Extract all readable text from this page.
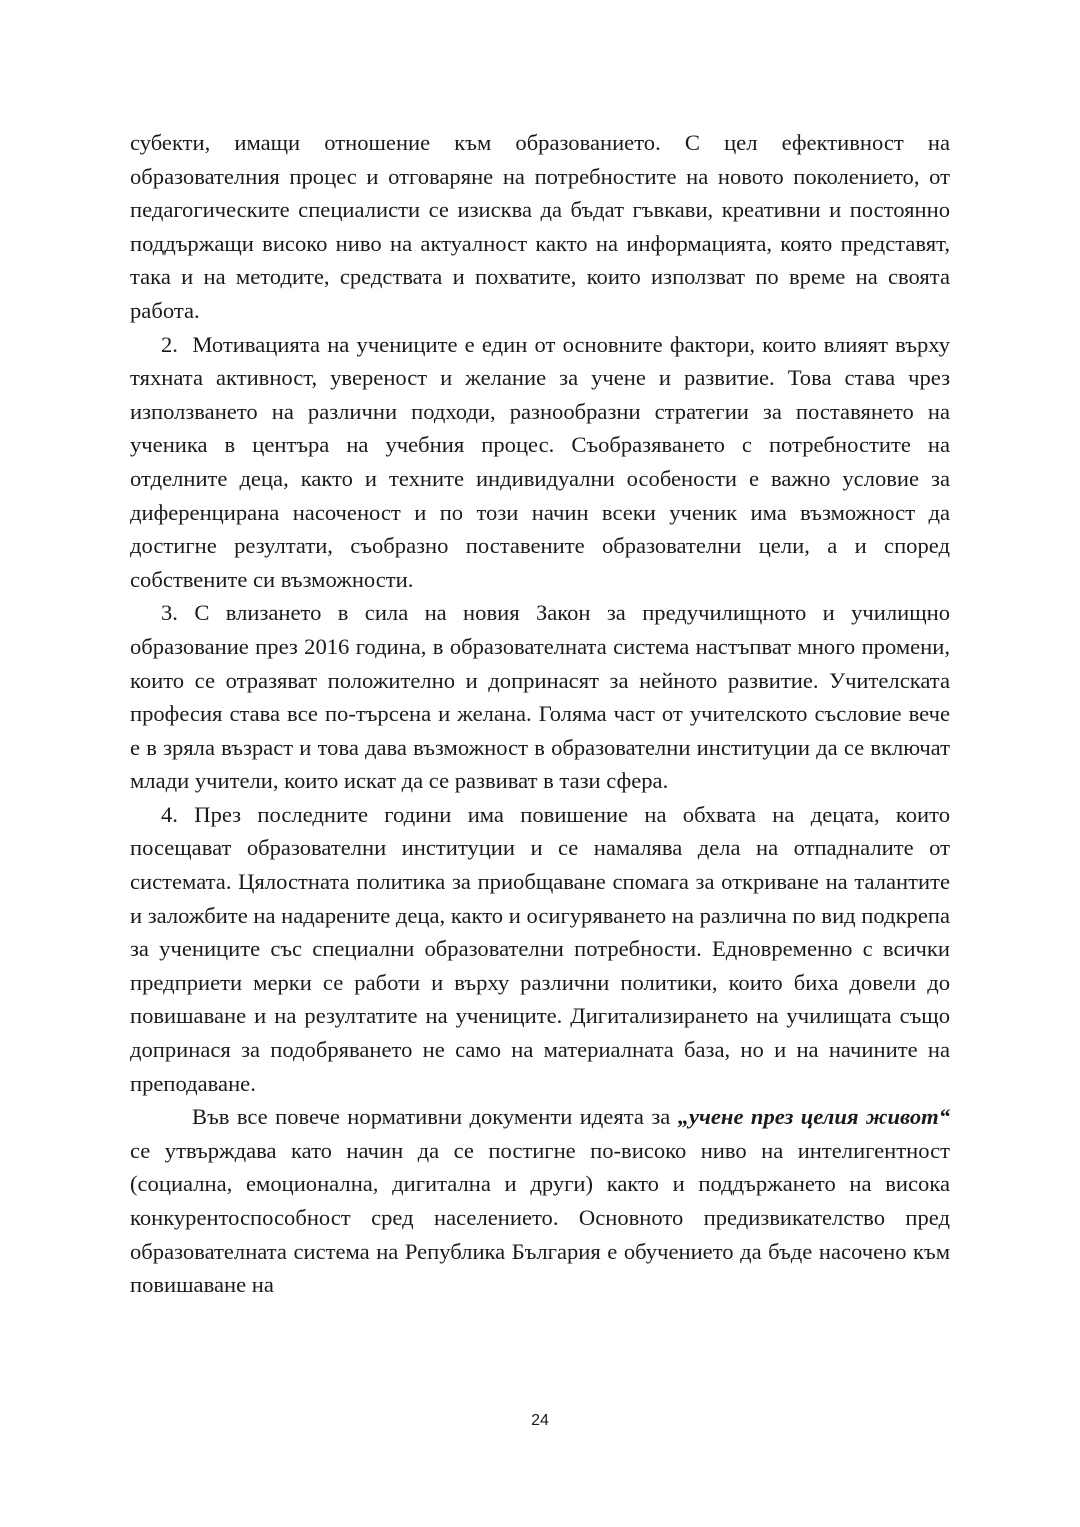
субекти, имащи отношение към образованието. С цел ефективност на образователния процес и отговаряне на потребностите на новото поколението, от педагогическите специалисти се изисква да бъдат гъвкави, креативни и постоянно поддържащи високо ниво на актуалност както на информацията, която представят, така и на методите, средствата и похватите, които използват по време на своята работа.

2. Мотивацията на учениците е един от основните фактори, които влияят върху тяхната активност, увереност и желание за учене и развитие. Това става чрез използването на различни подходи, разнообразни стратегии за поставянето на ученика в центъра на учебния процес. Съобразяването с потребностите на отделните деца, както и техните индивидуални особености е важно условие за диференцирана насоченост и по този начин всеки ученик има възможност да достигне резултати, съобразно поставените образователни цели, а и според собствените си възможности.

3. С влизането в сила на новия Закон за предучилищното и училищно образование през 2016 година, в образователната система настъпват много промени, които се отразяват положително и допринасят за нейното развитие. Учителската професия става все по-търсена и желана. Голяма част от учителското съсловие вече е в зряла възраст и това дава възможност в образователни институции да се включат млади учители, които искат да се развиват в тази сфера.

4. През последните години има повишение на обхвата на децата, които посещават образователни институции и се намалява дела на отпадналите от системата. Цялостната политика за приобщаване спомага за откриване на талантите и заложбите на надарените деца, както и осигуряването на различна по вид подкрепа за учениците със специални образователни потребности. Едновременно с всички предприети мерки се работи и върху различни политики, които биха довели до повишаване и на резултатите на учениците. Дигитализирането на училищата също допринася за подобряването не само на материалната база, но и на начините на преподаване.

Във все повече нормативни документи идеята за „учене през целия живот“ се утвърждава като начин да се постигне по-високо ниво на интелигентност (социална, емоционална, дигитална и други) както и поддържането на висока конкурентоспособност сред населението. Основното предизвикателство пред образователната система на Република България е обучението да бъде насочено към повишаване на

24
